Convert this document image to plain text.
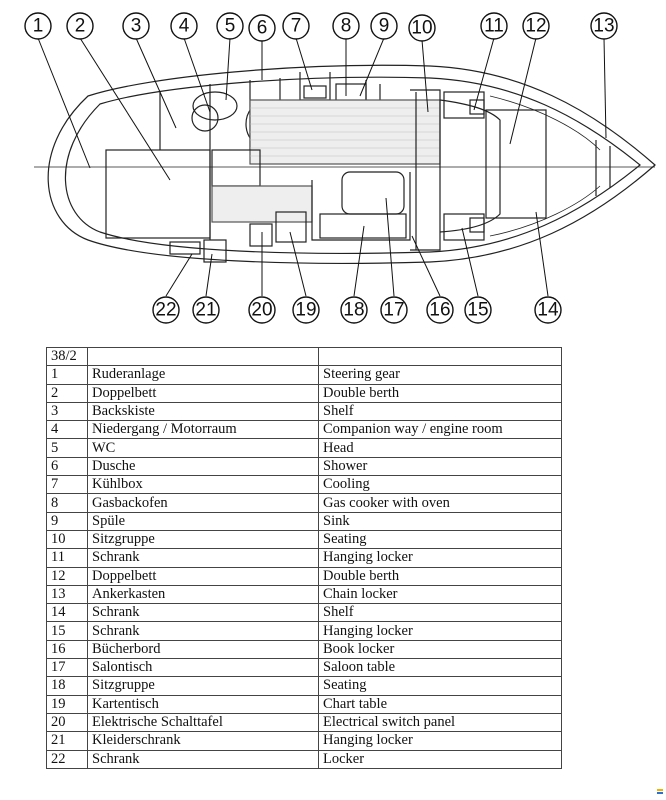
1 2 3 4 5 6 7 8 9 10	11 12 13
22 21 20 19 18 17 16 15	14
38/2		
1	Ruderanlage	Steering gear
2	Doppelbett	Double berth
3	Backskiste	Shelf
4	Niedergang / Motorraum	Companion way / engine room
5	WC	Head
6	Dusche	Shower
7	Kühlbox	Cooling
8	Gasbackofen	Gas cooker with oven
9	Spüle	Sink
10	Sitzgruppe	Seating
11	Schrank	Hanging locker
12	Doppelbett	Double berth
13	Ankerkasten	Chain locker
14	Schrank	Shelf
15	Schrank	Hanging locker
16	Bücherbord	Book locker
17	Salontisch	Saloon table
18	Sitzgruppe	Seating
19	Kartentisch	Chart table
20	Elektrische Schalttafel	Electrical switch panel
21	Kleiderschrank	Hanging locker
22	Schrank	Locker
